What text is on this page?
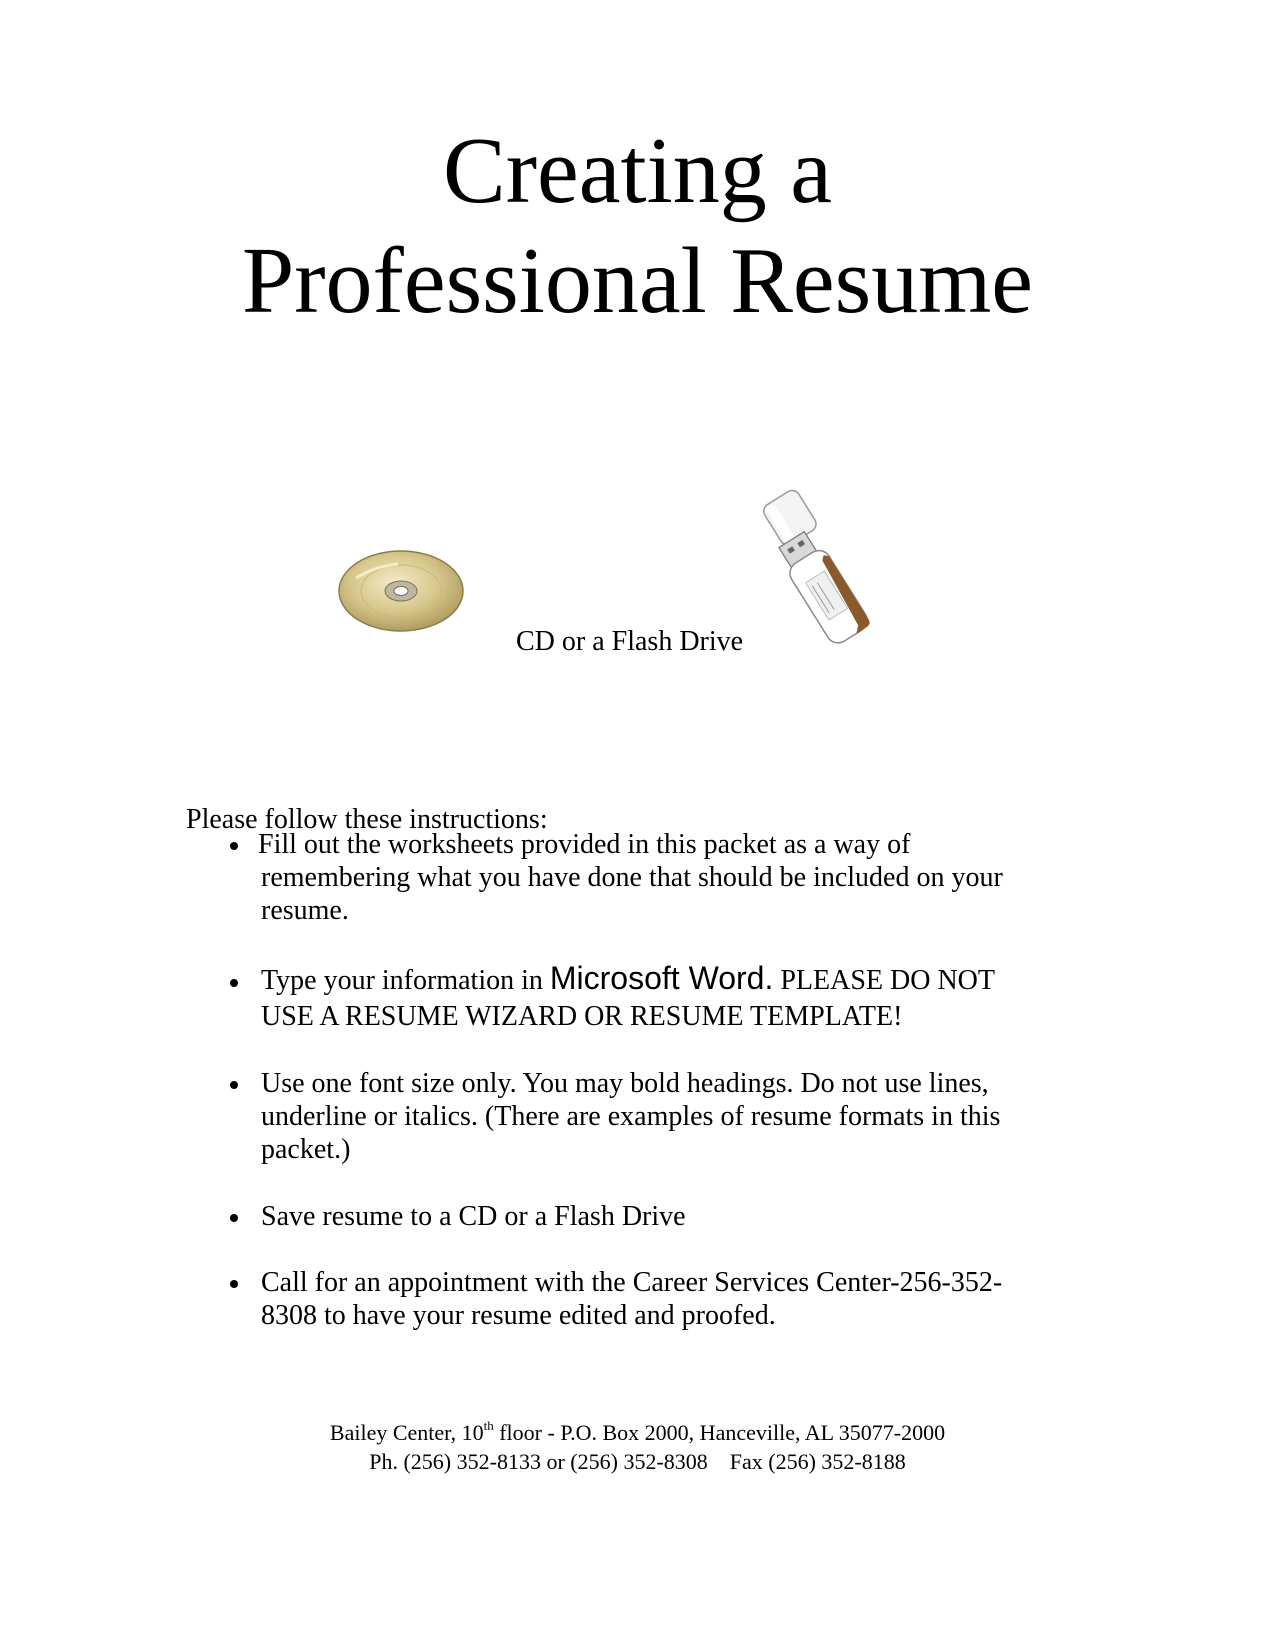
Creating a
Professional Resume
CD or a Flash Drive
Please follow these instructions:
Fill out the worksheets provided in this packet as a way of
remembering what you have done that should be included on your
resume.
Type your information in Microsoft Word. PLEASE DO NOT
USE A RESUME WIZARD OR RESUME TEMPLATE!
Use one font size only. You may bold headings. Do not use lines,
underline or italics. (There are examples of resume formats in this
packet.)
Save resume to a CD or a Flash Drive
Call for an appointment with the Career Services Center-256-352-
8308 to have your resume edited and proofed.
Bailey Center, 10th floor - P.O. Box 2000, Hanceville, AL 35077-2000
Ph. (256) 352-8133 or (256) 352-8308    Fax (256) 352-8188
